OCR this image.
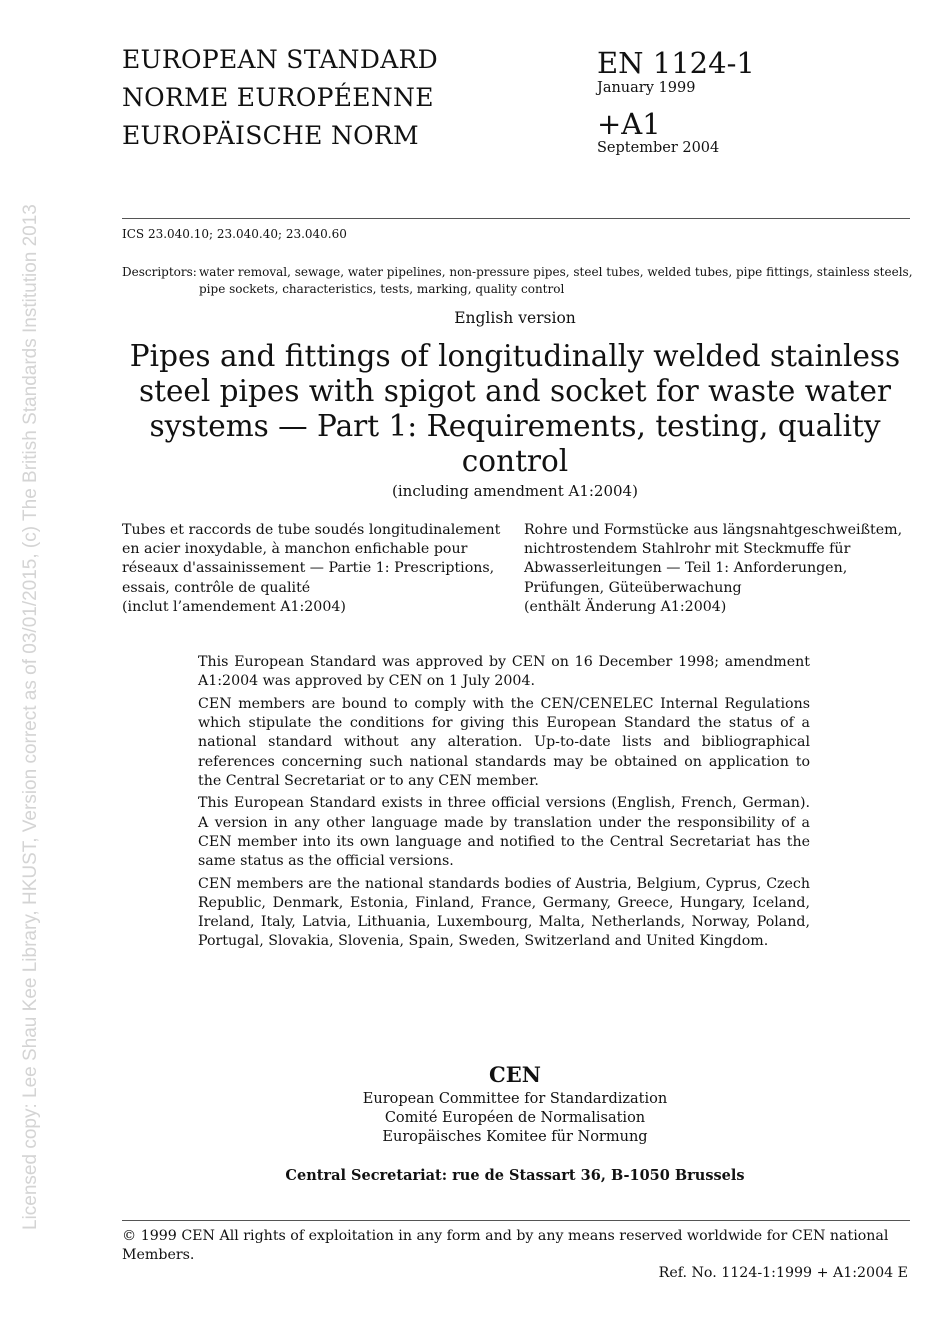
Licensed copy: Lee Shau Kee Library, HKUST, Version correct as of 03/01/2015, (c) The British Standards Institution 2013
EUROPEAN STANDARD
NORME EUROPÉENNE
EUROPÄISCHE NORM
EN 1124-1
January 1999
+A1
September 2004
ICS 23.040.10; 23.040.40; 23.040.60
Descriptors: water removal, sewage, water pipelines, non-pressure pipes, steel tubes, welded tubes, pipe fittings, stainless steels,
pipe sockets, characteristics, tests, marking, quality control
English version
Pipes and fittings of longitudinally welded stainless steel pipes with spigot and socket for waste water systems — Part 1: Requirements, testing, quality control
(including amendment A1:2004)
Tubes et raccords de tube soudés longitudinalement en acier inoxydable, à manchon enfichable pour réseaux d'assainissement — Partie 1: Prescriptions, essais, contrôle de qualité
(inclut l’amendement A1:2004)
Rohre und Formstücke aus längsnahtgeschweißtem, nichtrostendem Stahlrohr mit Steckmuffe für Abwasserleitungen — Teil 1: Anforderungen, Prüfungen, Güteüberwachung
(enthält Änderung A1:2004)

This European Standard was approved by CEN on 16 December 1998; amendment A1:2004 was approved by CEN on 1 July 2004.

CEN members are bound to comply with the CEN/CENELEC Internal Regulations which stipulate the conditions for giving this European Standard the status of a national standard without any alteration. Up-to-date lists and bibliographical references concerning such national standards may be obtained on application to the Central Secretariat or to any CEN member.

This European Standard exists in three official versions (English, French, German). A version in any other language made by translation under the responsibility of a CEN member into its own language and notified to the Central Secretariat has the same status as the official versions.

CEN members are the national standards bodies of Austria, Belgium, Cyprus, Czech Republic, Denmark, Estonia, Finland, France, Germany, Greece, Hungary, Iceland, Ireland, Italy, Latvia, Lithuania, Luxembourg, Malta, Netherlands, Norway, Poland, Portugal, Slovakia, Slovenia, Spain, Sweden, Switzerland and United Kingdom.

CEN
European Committee for Standardization
Comité Européen de Normalisation
Europäisches Komitee für Normung
Central Secretariat: rue de Stassart 36, B-1050 Brussels
© 1999 CEN All rights of exploitation in any form and by any means reserved worldwide for CEN national Members.
Ref. No. 1124-1:1999 + A1:2004 E
